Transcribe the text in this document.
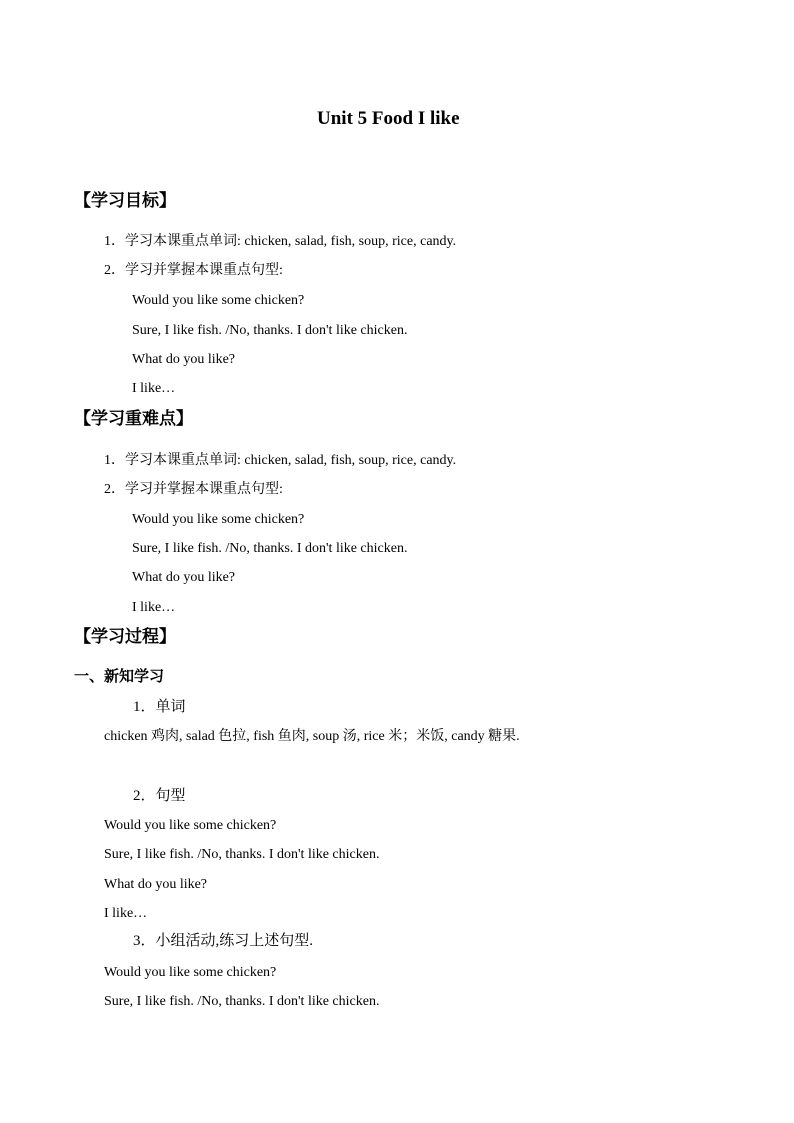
Unit 5 Food I like
【学习目标】
1．学习本课重点单词: chicken, salad, fish, soup, rice, candy.
2．学习并掌握本课重点句型:
Would you like some chicken?
Sure, I like fish. /No, thanks. I don't like chicken.
What do you like?
I like…
【学习重难点】
1．学习本课重点单词: chicken, salad, fish, soup, rice, candy.
2．学习并掌握本课重点句型:
Would you like some chicken?
Sure, I like fish. /No, thanks. I don't like chicken.
What do you like?
I like…
【学习过程】
一、新知学习
1．单词
chicken 鸡肉, salad 色拉, fish 鱼肉, soup 汤, rice 米；米饭, candy 糖果.
2．句型
Would you like some chicken?
Sure, I like fish. /No, thanks. I don't like chicken.
What do you like?
I like…
3．小组活动,练习上述句型.
Would you like some chicken?
Sure, I like fish. /No, thanks. I don't like chicken.
